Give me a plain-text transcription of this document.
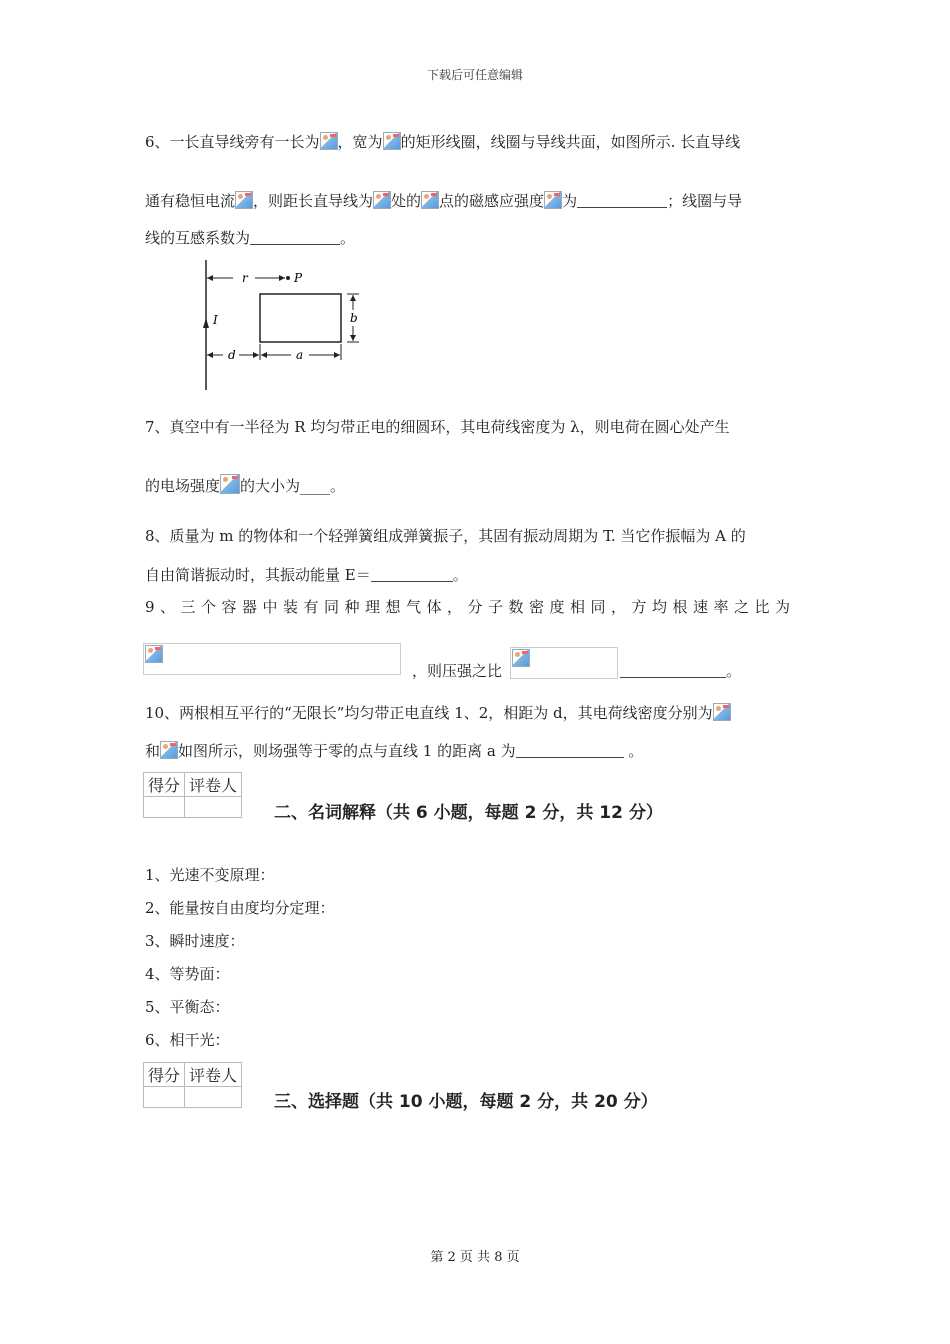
下载后可任意编辑
6、一长直导线旁有一长为 ，宽为 的矩形线圈，线圈与导线共面，如图所示. 长直导线
通有稳恒电流 ，则距长直导线为 处的 点的磁感应强度 为	；线圈与导
线的互感系数为	。
I
r	P
b
d	a
7、真空中有一半径为 R 均匀带正电的细圆环，其电荷线密度为 λ，则电荷在圆心处产生
的电场强度 的大小为____。
8、质量为 m 的物体和一个轻弹簧组成弹簧振子，其固有振动周期为 T. 当它作振幅为 A 的
自由简谐振动时，其振动能量 E＝	。
9、三个容器中装有同种理想气体，分子数密度相同，方均根速率之比为
，则压强之比	。
10、两根相互平行的“无限长”均匀带正电直线 1、2，相距为 d，其电荷线密度分别为
和 如图所示，则场强等于零的点与直线 1 的距离 a 为	。
得分	评卷人

二、名词解释（共 6 小题，每题 2 分，共 12 分）
1、光速不变原理：
2、能量按自由度均分定理：
3、瞬时速度：
4、等势面：
5、平衡态：
6、相干光：
得分	评卷人

三、选择题（共 10 小题，每题 2 分，共 20 分）
第 2 页 共 8 页
